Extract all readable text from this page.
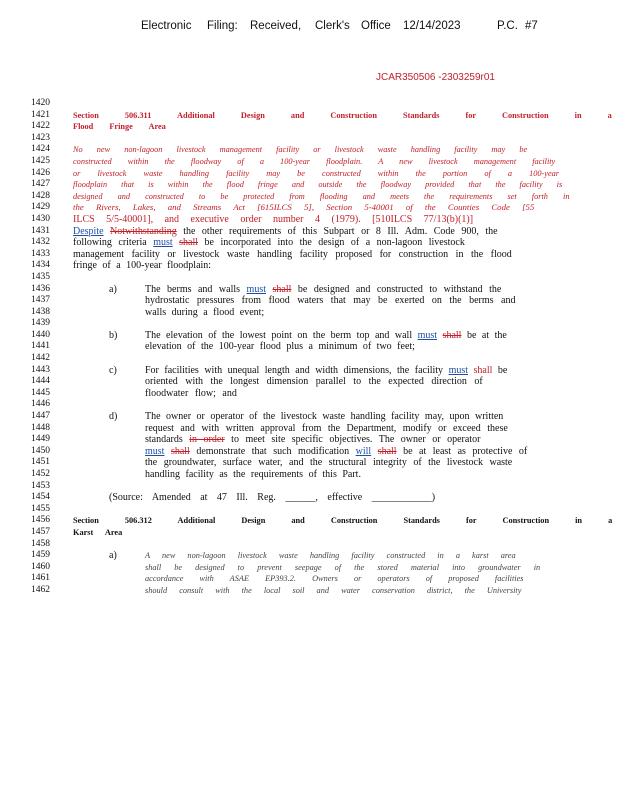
Electronic Filing: Received, Clerk's Office 12/14/2023	P.C. #7
JCAR350506 -2303259r01
1420
1421	Section 506.311 Additional Design and Construction Standards for Construction in a
1422	Flood Fringe Area
1423
1424	No new non-lagoon livestock management facility or livestock waste handling facility may be
1425	constructed within the floodway of a 100-year floodplain. A new livestock management facility
1426	or livestock waste handling facility may be constructed within the portion of a 100-year
1427	floodplain that is within the flood fringe and outside the floodway provided that the facility is
1428	designed and constructed to be protected from flooding and meets the requirements set forth in
1429	the Rivers, Lakes, and Streams Act [615ILCS 5], Section 5-40001 of the Counties Code [55
1430	ILCS 5/5-40001], and executive order number 4 (1979). [510ILCS 77/13(b)(1)]
1431	Despite Notwithstanding the other requirements of this Subpart or 8 Ill. Adm. Code 900, the
1432	following criteria must shall be incorporated into the design of a non-lagoon livestock
1433	management facility or livestock waste handling facility proposed for construction in the flood
1434	fringe of a 100-year floodplain:
1435
1436	a)	The berms and walls must shall be designed and constructed to withstand the
1437	hydrostatic pressures from flood waters that may be exerted on the berms and
1438	walls during a flood event;
1439
1440	b)	The elevation of the lowest point on the berm top and wall must shall be at the
1441	elevation of the 100-year flood plus a minimum of two feet;
1442
1443	c)	For facilities with unequal length and width dimensions, the facility must shall be
1444	oriented with the longest dimension parallel to the expected direction of
1445	floodwater flow; and
1446
1447	d)	The owner or operator of the livestock waste handling facility may, upon written
1448	request and with written approval from the Department, modify or exceed these
1449	standards in order to meet site specific objectives. The owner or operator
1450	must shall demonstrate that such modification will shall be at least as protective of
1451	the groundwater, surface water, and the structural integrity of the livestock waste
1452	handling facility as the requirements of this Part.
1453
1454	(Source: Amended at 47 Ill. Reg. ______, effective ____________)
1455
1456	Section 506.312 Additional Design and Construction Standards for Construction in a
1457	Karst Area
1458
1459	a)	A new non-lagoon livestock waste handling facility constructed in a karst area
1460	shall be designed to prevent seepage of the stored material into groundwater in
1461	accordance with ASAE EP393.2. Owners or operators of proposed facilities
1462	should consult with the local soil and water conservation district, the University
